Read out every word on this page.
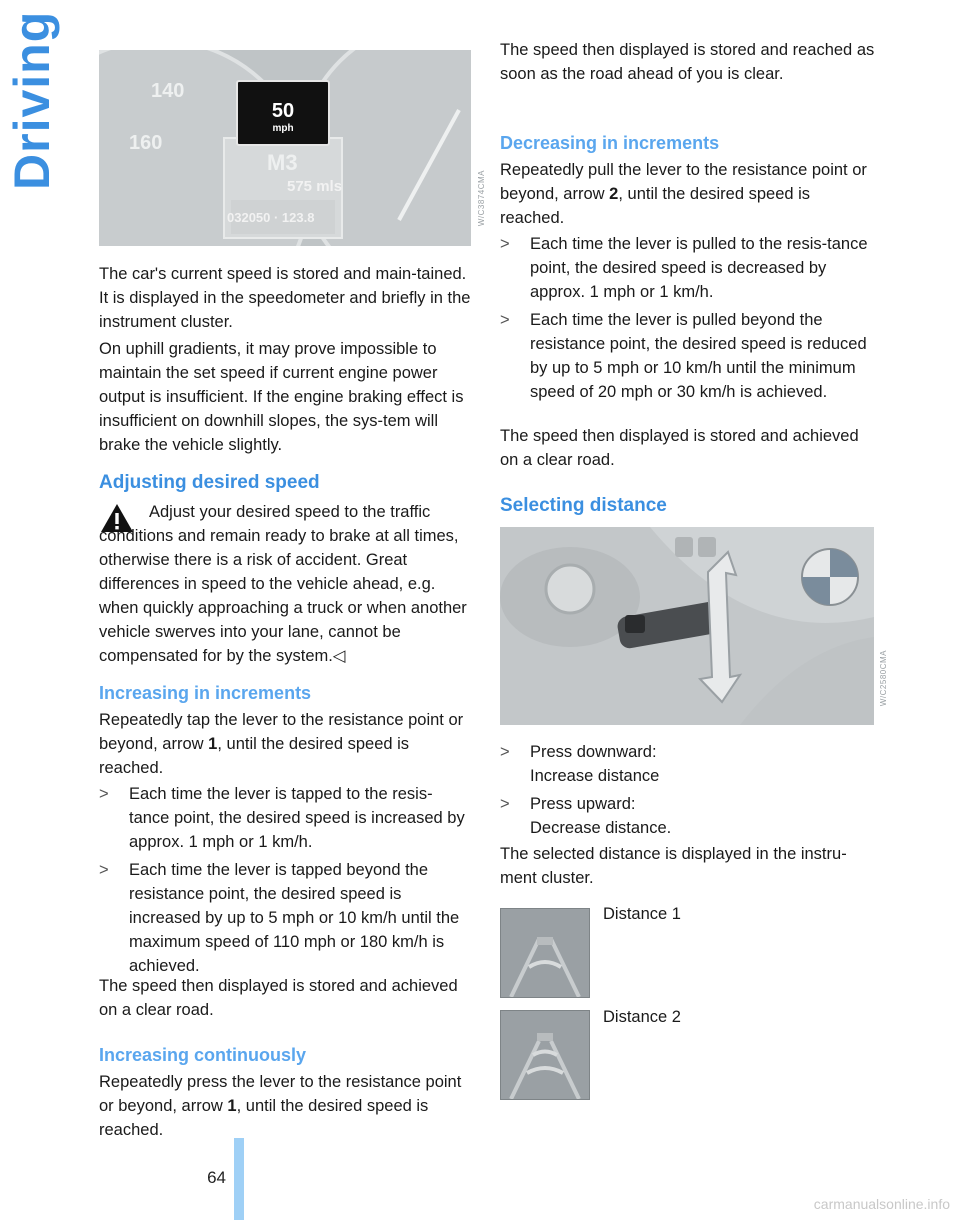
Driving
64
carmanualsonline.info
50
mph
M3
575 mls
032050 · 123.8
140
160
W/C3874CMA

The car's current speed is stored and main-tained. It is displayed in the speedometer and briefly in the instrument cluster.

On uphill gradients, it may prove impossible to maintain the set speed if current engine power output is insufficient. If the engine braking effect is insufficient on downhill slopes, the sys-tem will brake the vehicle slightly.

Adjusting desired speed

Adjust your desired speed to the traffic conditions and remain ready to brake at all times, otherwise there is a risk of accident. Great differences in speed to the vehicle ahead, e.g. when quickly approaching a truck or when another vehicle swerves into your lane, cannot be compensated for by the system.◁

Increasing in increments

Repeatedly tap the lever to the resistance point or beyond, arrow 1, until the desired speed is reached.

>	Each time the lever is tapped to the resis-tance point, the desired speed is increased by approx. 1 mph or 1 km/h.
>	Each time the lever is tapped beyond the resistance point, the desired speed is increased by up to 5 mph or 10 km/h until the maximum speed of 110 mph or 180 km/h is achieved.

The speed then displayed is stored and achieved on a clear road.

Increasing continuously

Repeatedly press the lever to the resistance point or beyond, arrow 1, until the desired speed is reached.

The speed then displayed is stored and reached as soon as the road ahead of you is clear.

Decreasing in increments

Repeatedly pull the lever to the resistance point or beyond, arrow 2, until the desired speed is reached.

>	Each time the lever is pulled to the resis-tance point, the desired speed is decreased by approx. 1 mph or 1 km/h.
>	Each time the lever is pulled beyond the resistance point, the desired speed is reduced by up to 5 mph or 10 km/h until the minimum speed of 20 mph or 30 km/h is achieved.

The speed then displayed is stored and achieved on a clear road.

Selecting distance
>	Press downward:
Increase distance
>	Press upward:
Decrease distance.

The selected distance is displayed in the instru-ment cluster.

Distance 1
Distance 2
W/C2580CMA
